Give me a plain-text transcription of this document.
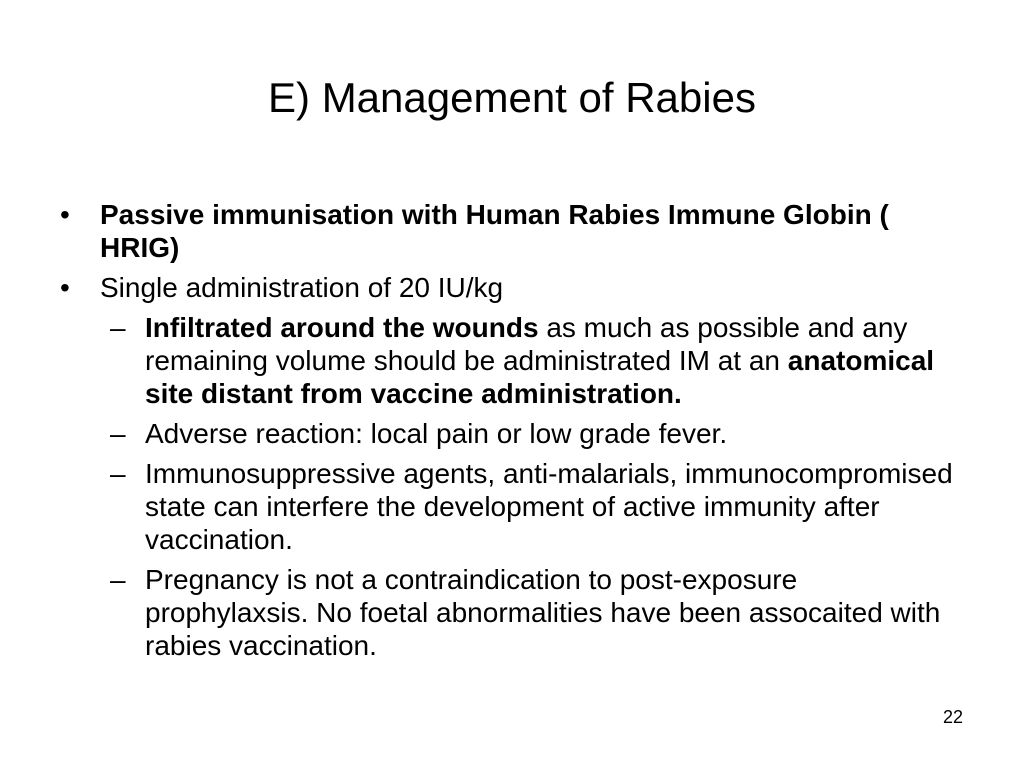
E) Management of Rabies
•	Passive immunisation with Human Rabies Immune Globin ( HRIG)
•	Single administration of 20 IU/kg
– Infiltrated around the wounds as much as possible and any remaining volume should be administrated IM at an anatomical site distant from vaccine administration.
– Adverse reaction: local pain or low grade fever.
– Immunosuppressive agents, anti-malarials, immunocompromised state can interfere the development of active immunity after vaccination.
– Pregnancy is not a contraindication to post-exposure prophylaxsis. No foetal abnormalities have been assocaited with rabies vaccination.
22
